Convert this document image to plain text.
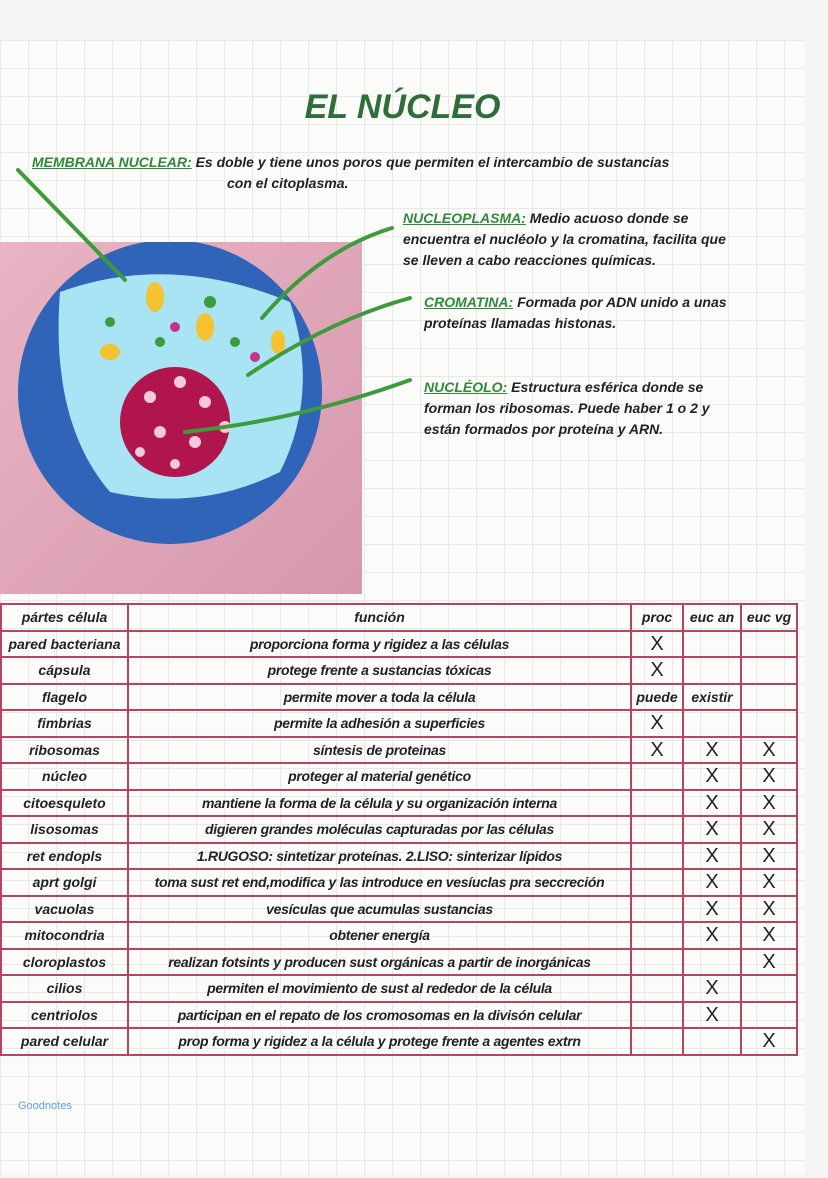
EL NÚCLEO
MEMBRANA NUCLEAR: Es doble y tiene unos poros que permiten el intercambio de sustancias
con el citoplasma.
NUCLEOPLASMA: Medio acuoso donde se
encuentra el nucléolo y la cromatina, facilita que
se lleven a cabo reacciones químicas.
CROMATINA: Formada por ADN unido a unas
proteínas llamadas histonas.
NUCLÉOLO: Estructura esférica donde se
forman los ribosomas. Puede haber 1 o 2 y
están formados por proteína y ARN.
pártes célula	función	proc	euc an	euc vg
pared bacteriana	proporciona forma y rigidez a las células	X		
cápsula	protege frente a sustancias tóxicas	X		
flagelo	permite mover a toda la célula	puede	existir	
fimbrias	permite la adhesión a superficies	X		
ribosomas	síntesis de proteinas	X	X	X
núcleo	proteger al material genético		X	X
citoesquleto	mantiene la forma de la célula y su organización interna		X	X
lisosomas	digieren grandes moléculas capturadas por las células		X	X
ret endopls	1.RUGOSO: sintetizar proteínas. 2.LISO: sinterizar lípidos		X	X
aprt golgi	toma sust ret end,modifica y las introduce en vesíuclas pra seccreción		X	X
vacuolas	vesículas que acumulas sustancias		X	X
mitocondria	obtener energía		X	X
cloroplastos	realizan fotsints y producen sust orgánicas a partir de inorgánicas			X
cilios	permiten el movimiento de sust al rededor de la célula		X	
centriolos	participan en el repato de los cromosomas en la divisón celular		X	
pared celular	prop forma y rigidez a la célula y protege frente a agentes extrn			X
Goodnotes
